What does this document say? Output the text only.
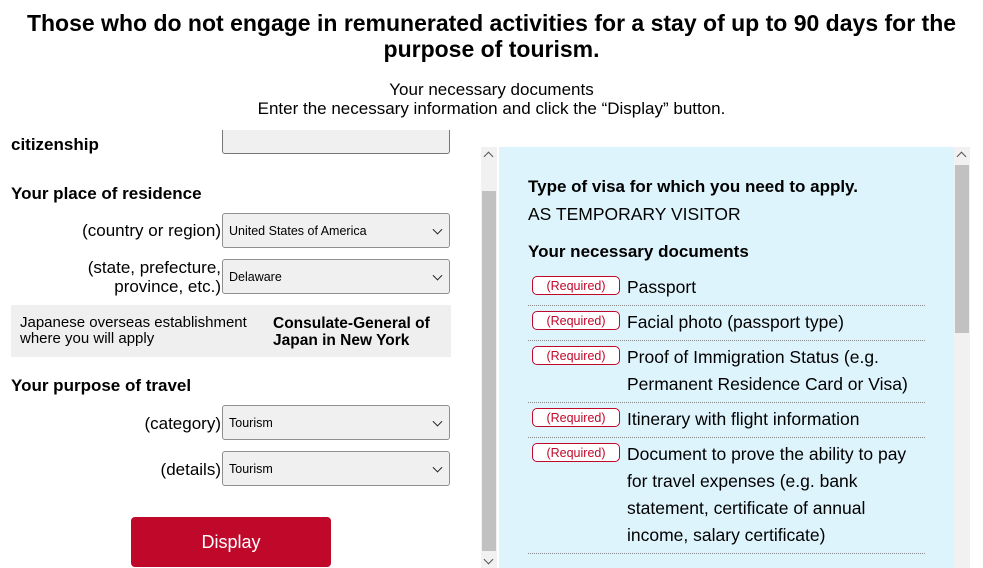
Those who do not engage in remunerated activities for a stay of up to 90 days for the purpose of tourism.
Your necessary documents
Enter the necessary information and click the “Display” button.
citizenship
Your place of residence
(country or region) United States of America
(state, prefecture,
province, etc.)
Delaware
Japanese overseas establishment where you will apply
Consulate-General of Japan in New York
Your purpose of travel
(category) Tourism
(details) Tourism
Display
Type of visa for which you need to apply.
AS TEMPORARY VISITOR
Your necessary documents
(Required)	Passport
(Required)	Facial photo (passport type)
(Required)	Proof of Immigration Status (e.g. Permanent Residence Card or Visa)
(Required)	Itinerary with flight information
(Required)	Document to prove the ability to pay for travel expenses (e.g. bank statement, certificate of annual income, salary certificate)
